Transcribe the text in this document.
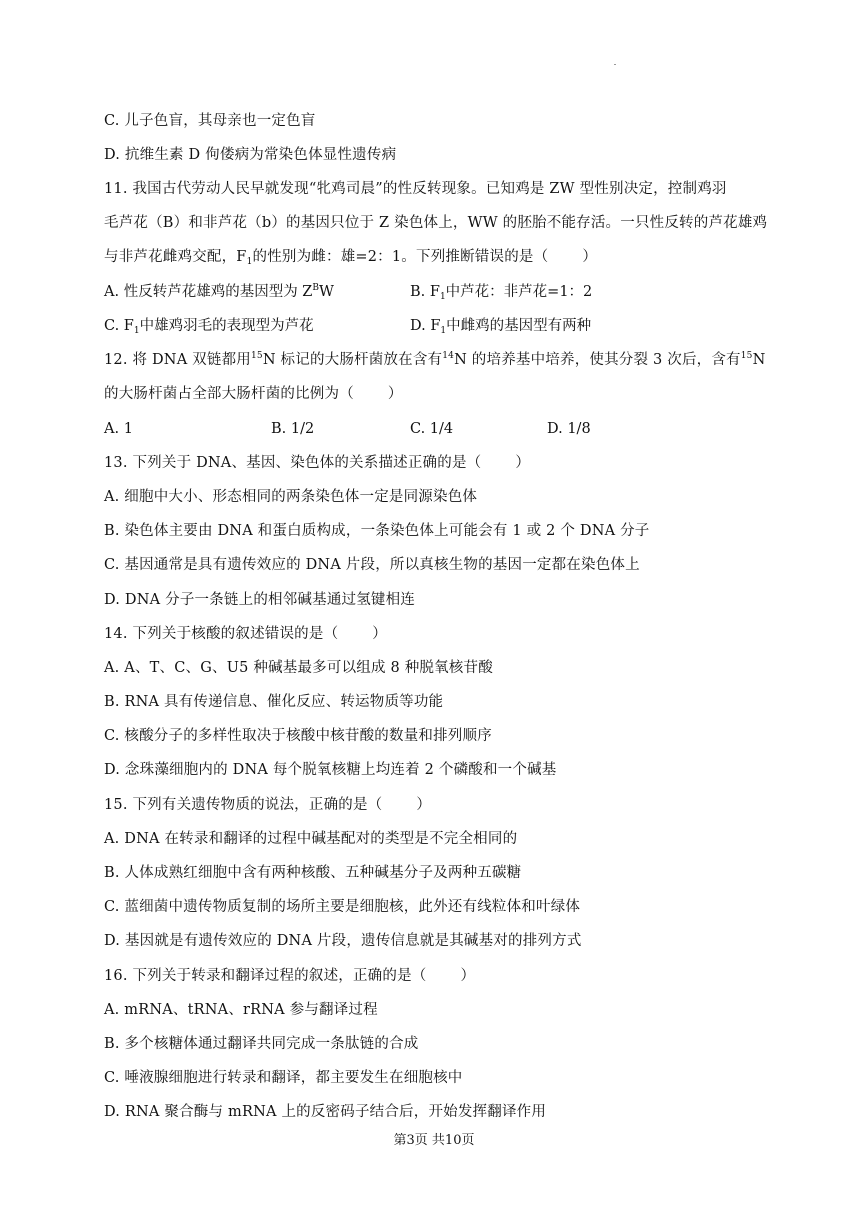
C. 儿子色盲，其母亲也一定色盲
D. 抗维生素 D 佝偻病为常染色体显性遗传病
11. 我国古代劳动人民早就发现“牝鸡司晨”的性反转现象。已知鸡是 ZW 型性别决定，控制鸡羽
毛芦花（B）和非芦花（b）的基因只位于 Z 染色体上，WW 的胚胎不能存活。一只性反转的芦花雄鸡
与非芦花雌鸡交配，$F_1$的性别为雌：雄=2：1。下列推断错误的是（ ）
A. 性反转芦花雄鸡的基因型为 $Z^BW$	B. $F_1$中芦花：非芦花=1：2
C. $F_1$中雄鸡羽毛的表现型为芦花	D. $F_1$中雌鸡的基因型有两种
12. 将 DNA 双链都用$^{15}$N 标记的大肠杆菌放在含有$^{14}$N 的培养基中培养，使其分裂 3 次后，含有$^{15}$N
的大肠杆菌占全部大肠杆菌的比例为（ ）
A. 1	B. 1/2	C. 1/4	D. 1/8
13. 下列关于 DNA、基因、染色体的关系描述正确的是（ ）
A. 细胞中大小、形态相同的两条染色体一定是同源染色体
B. 染色体主要由 DNA 和蛋白质构成，一条染色体上可能会有 1 或 2 个 DNA 分子
C. 基因通常是具有遗传效应的 DNA 片段，所以真核生物的基因一定都在染色体上
D. DNA 分子一条链上的相邻碱基通过氢键相连
14. 下列关于核酸的叙述错误的是（ ）
A. A、T、C、G、U5 种碱基最多可以组成 8 种脱氧核苷酸
B. RNA 具有传递信息、催化反应、转运物质等功能
C. 核酸分子的多样性取决于核酸中核苷酸的数量和排列顺序
D. 念珠藻细胞内的 DNA 每个脱氧核糖上均连着 2 个磷酸和一个碱基
15. 下列有关遗传物质的说法，正确的是（ ）
A. DNA 在转录和翻译的过程中碱基配对的类型是不完全相同的
B. 人体成熟红细胞中含有两种核酸、五种碱基分子及两种五碳糖
C. 蓝细菌中遗传物质复制的场所主要是细胞核，此外还有线粒体和叶绿体
D. 基因就是有遗传效应的 DNA 片段，遗传信息就是其碱基对的排列方式
16. 下列关于转录和翻译过程的叙述，正确的是（ ）
A. mRNA、tRNA、rRNA 参与翻译过程
B. 多个核糖体通过翻译共同完成一条肽链的合成
C. 唾液腺细胞进行转录和翻译，都主要发生在细胞核中
D. RNA 聚合酶与 mRNA 上的反密码子结合后，开始发挥翻译作用
第3页 共10页
